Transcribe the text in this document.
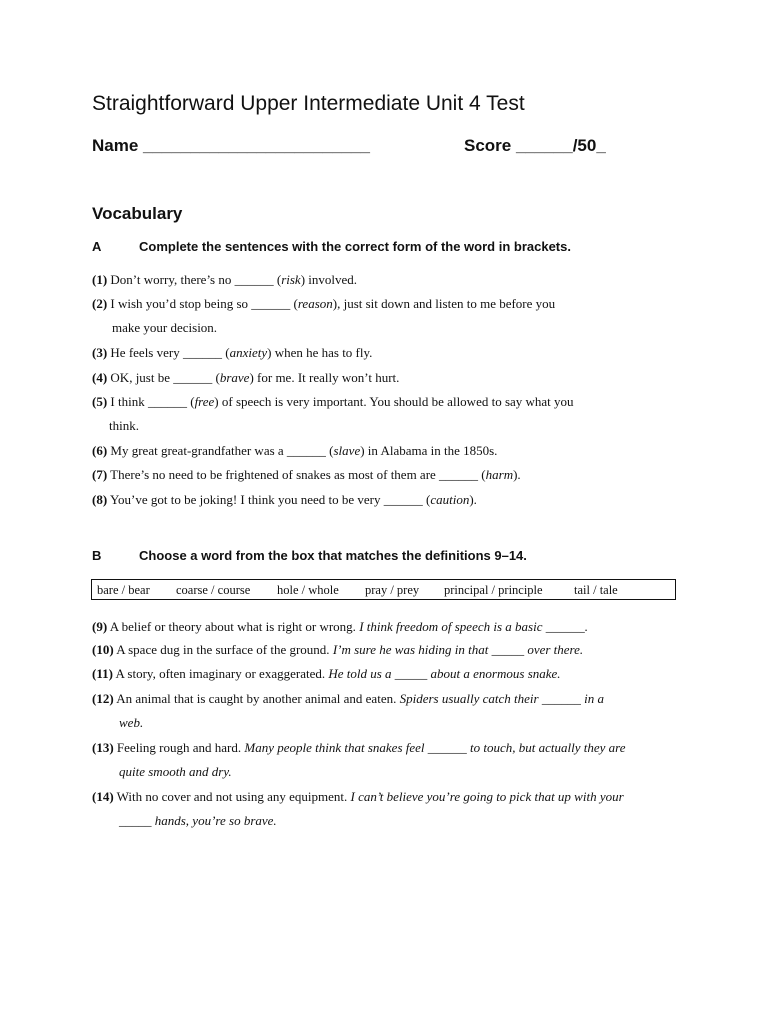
Straightforward Upper Intermediate Unit 4 Test
Name ________________________	Score ______/50_
Vocabulary
A	Complete the sentences with the correct form of the word in brackets.
(1) Don’t worry, there’s no ______ (risk) involved.
(2) I wish you’d stop being so ______ (reason), just sit down and listen to me before you
make your decision.
(3) He feels very ______ (anxiety) when he has to fly.
(4) OK, just be ______ (brave) for me. It really won’t hurt.
(5) I think ______ (free) of speech is very important. You should be allowed to say what you
think.
(6) My great great-grandfather was a ______ (slave) in Alabama in the 1850s.
(7) There’s no need to be frightened of snakes as most of them are ______ (harm).
(8) You’ve got to be joking! I think you need to be very ______ (caution).
B	Choose a word from the box that matches the definitions 9–14.
bare / bear coarse / course hole / whole pray / prey principal / principle	tail / tale
(9) A belief or theory about what is right or wrong. I think freedom of speech is a basic ______.
(10) A space dug in the surface of the ground. I’m sure he was hiding in that _____ over there.
(11) A story, often imaginary or exaggerated. He told us a _____ about a enormous snake.
(12) An animal that is caught by another animal and eaten. Spiders usually catch their ______ in a
web.
(13) Feeling rough and hard. Many people think that snakes feel ______ to touch, but actually they are
quite smooth and dry.
(14) With no cover and not using any equipment. I can’t believe you’re going to pick that up with your
_____ hands, you’re so brave.
